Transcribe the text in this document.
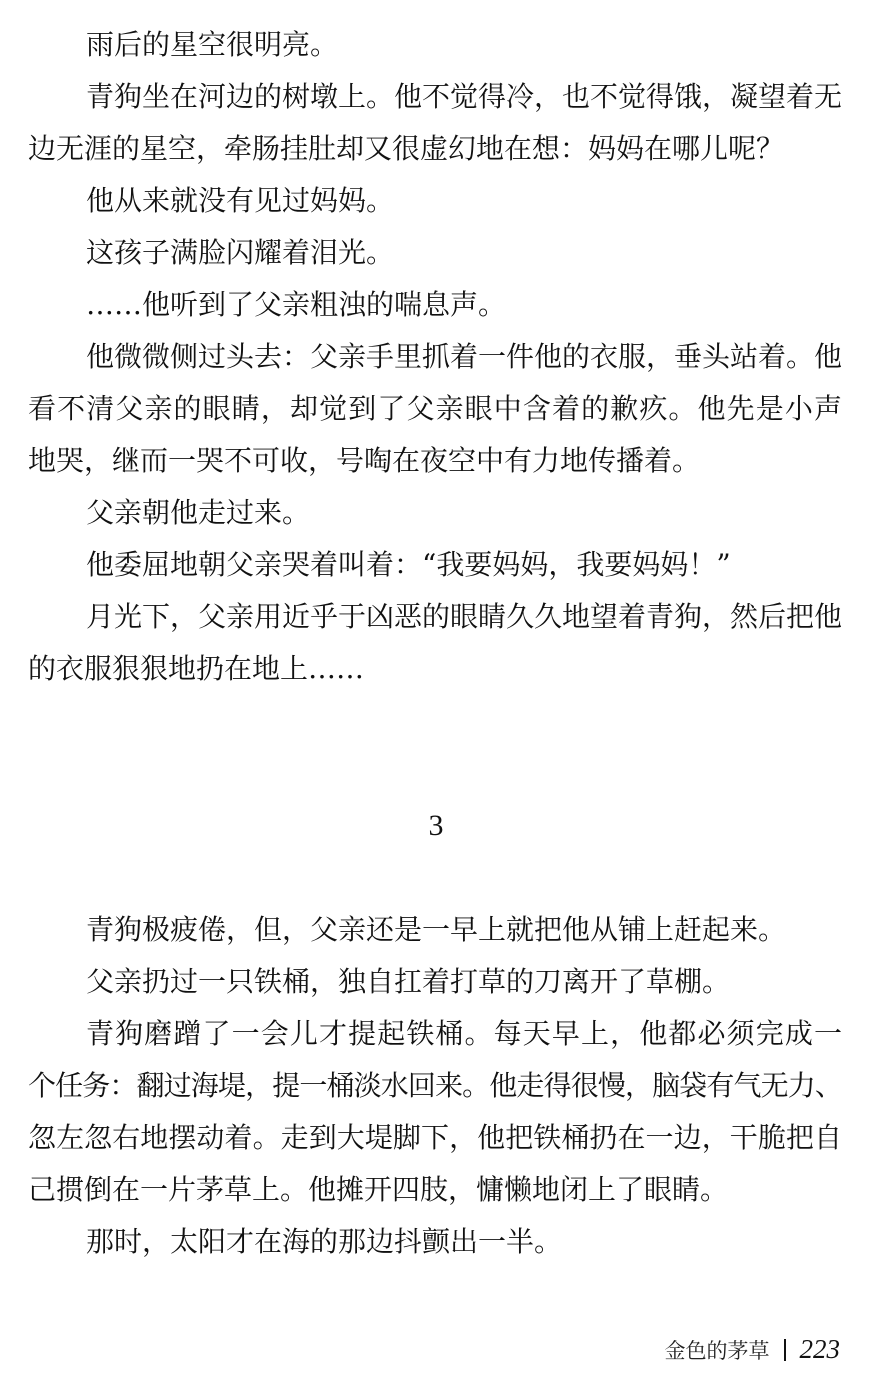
雨后的星空很明亮。
青狗坐在河边的树墩上。他不觉得冷，也不觉得饿，凝望着无
边无涯的星空，牵肠挂肚却又很虚幻地在想：妈妈在哪儿呢？
他从来就没有见过妈妈。
这孩子满脸闪耀着泪光。
……他听到了父亲粗浊的喘息声。
他微微侧过头去：父亲手里抓着一件他的衣服，垂头站着。他
看不清父亲的眼睛，却觉到了父亲眼中含着的歉疚。他先是小声
地哭，继而一哭不可收，号啕在夜空中有力地传播着。
父亲朝他走过来。
他委屈地朝父亲哭着叫着：“我要妈妈，我要妈妈！”
月光下，父亲用近乎于凶恶的眼睛久久地望着青狗，然后把他
的衣服狠狠地扔在地上……
3
青狗极疲倦，但，父亲还是一早上就把他从铺上赶起来。
父亲扔过一只铁桶，独自扛着打草的刀离开了草棚。
青狗磨蹭了一会儿才提起铁桶。每天早上，他都必须完成一
个任务：翻过海堤，提一桶淡水回来。他走得很慢，脑袋有气无力、
忽左忽右地摆动着。走到大堤脚下，他把铁桶扔在一边，干脆把自
己掼倒在一片茅草上。他摊开四肢，慵懒地闭上了眼睛。
那时，太阳才在海的那边抖颤出一半。
金色的茅草 223
